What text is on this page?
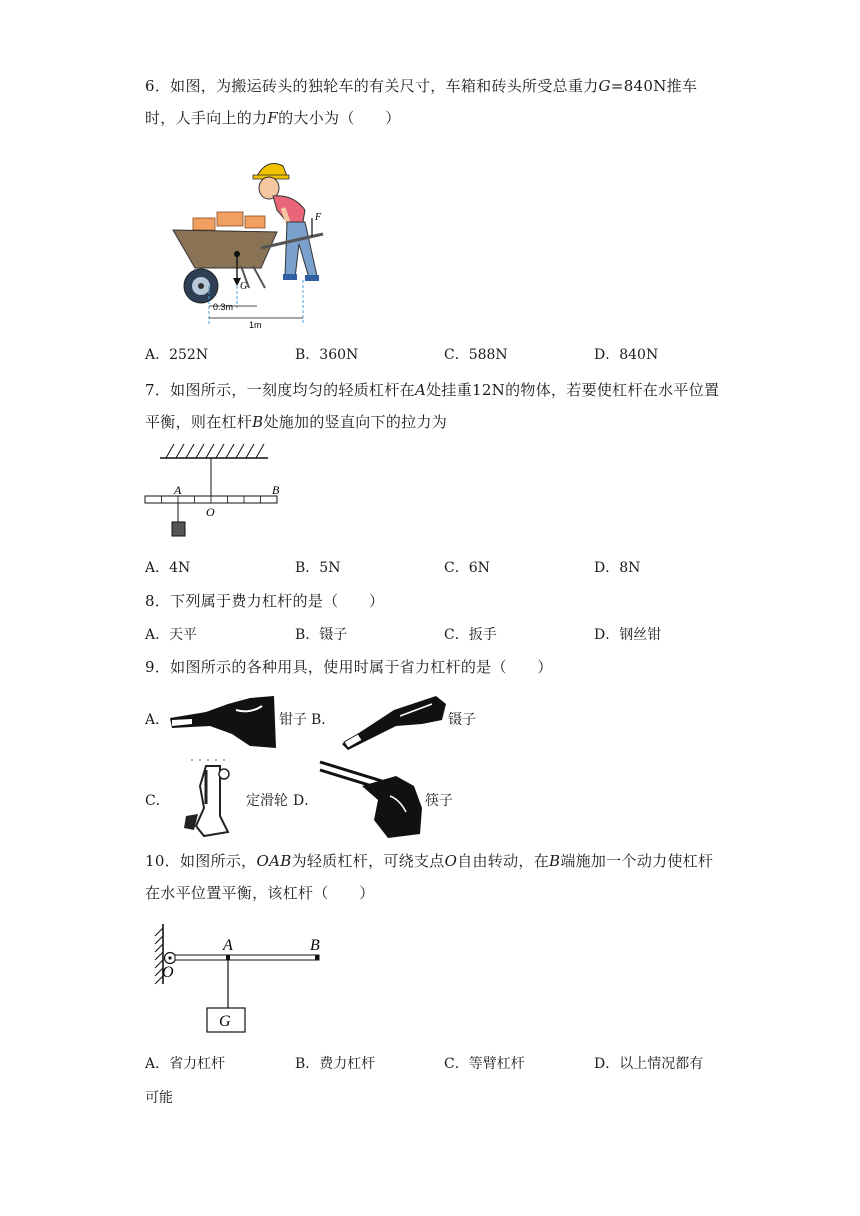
6．如图，为搬运砖头的独轮车的有关尺寸，车箱和砖头所受总重力G=840N推车时，人手向上的力F的大小为（　　）
G
F
0.3m
1m
A．252N	B．360N	C．588N	D．840N
7．如图所示，一刻度均匀的轻质杠杆在A处挂重12N的物体，若要使杠杆在水平位置平衡，则在杠杆B处施加的竖直向下的拉力为
A	B
O
A．4N	B．5N	C．6N	D．8N
8．下列属于费力杠杆的是（　　）
A．天平	B．镊子	C．扳手	D．钢丝钳
9．如图所示的各种用具，使用时属于省力杠杆的是（　　）
A．	钳子 B．	镊子
C．	定滑轮 D．	筷子
10．如图所示，OAB为轻质杠杆，可绕支点O自由转动，在B端施加一个动力使杠杆在水平位置平衡，该杠杆（　　）
O
A	B
G
A．省力杠杆	B．费力杠杆	C．等臂杠杆	D．以上情况都有
可能
